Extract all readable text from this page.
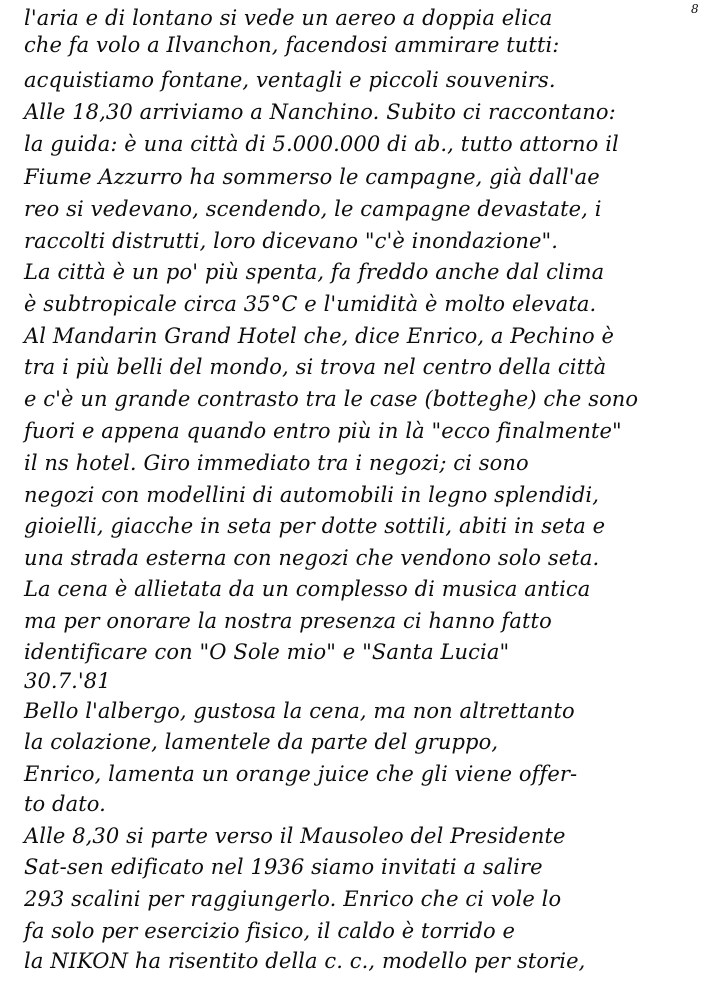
8
l'aria e di lontano si vede un aereo a doppia elica
che fa volo a Ilvanchon, facendosi ammirare tutti:
acquistiamo fontane, ventagli e piccoli souvenirs.
Alle 18,30 arriviamo a Nanchino. Subito ci raccontano:
la guida: è una città di 5.000.000 di ab., tutto attorno il
Fiume Azzurro ha sommerso le campagne, già dall'ae
reo si vedevano, scendendo, le campagne devastate, i
raccolti distrutti, loro dicevano "c'è inondazione".
La città è un po' più spenta, fa freddo anche dal clima
è subtropicale circa 35°C e l'umidità è molto elevata.
Al Mandarin Grand Hotel che, dice Enrico, a Pechino è
tra i più belli del mondo, si trova nel centro della città
e c'è un grande contrasto tra le case (botteghe) che sono
fuori e appena quando entro più in là "ecco finalmente"
il ns hotel. Giro immediato tra i negozi; ci sono
negozi con modellini di automobili in legno splendidi,
gioielli, giacche in seta per dotte sottili, abiti in seta e
una strada esterna con negozi che vendono solo seta.
La cena è allietata da un complesso di musica antica
ma per onorare la nostra presenza ci hanno fatto
identificare con "O Sole mio" e "Santa Lucia"
30.7.'81
Bello l'albergo, gustosa la cena, ma non altrettanto
la colazione, lamentele da parte del gruppo,
Enrico, lamenta un orange juice che gli viene offer-
to dato.
Alle 8,30 si parte verso il Mausoleo del Presidente
Sat-sen edificato nel 1936 siamo invitati a salire
293 scalini per raggiungerlo. Enrico che ci vole lo
fa solo per esercizio fisico, il caldo è torrido e
la NIKON ha risentito della c. c., modello per storie,
